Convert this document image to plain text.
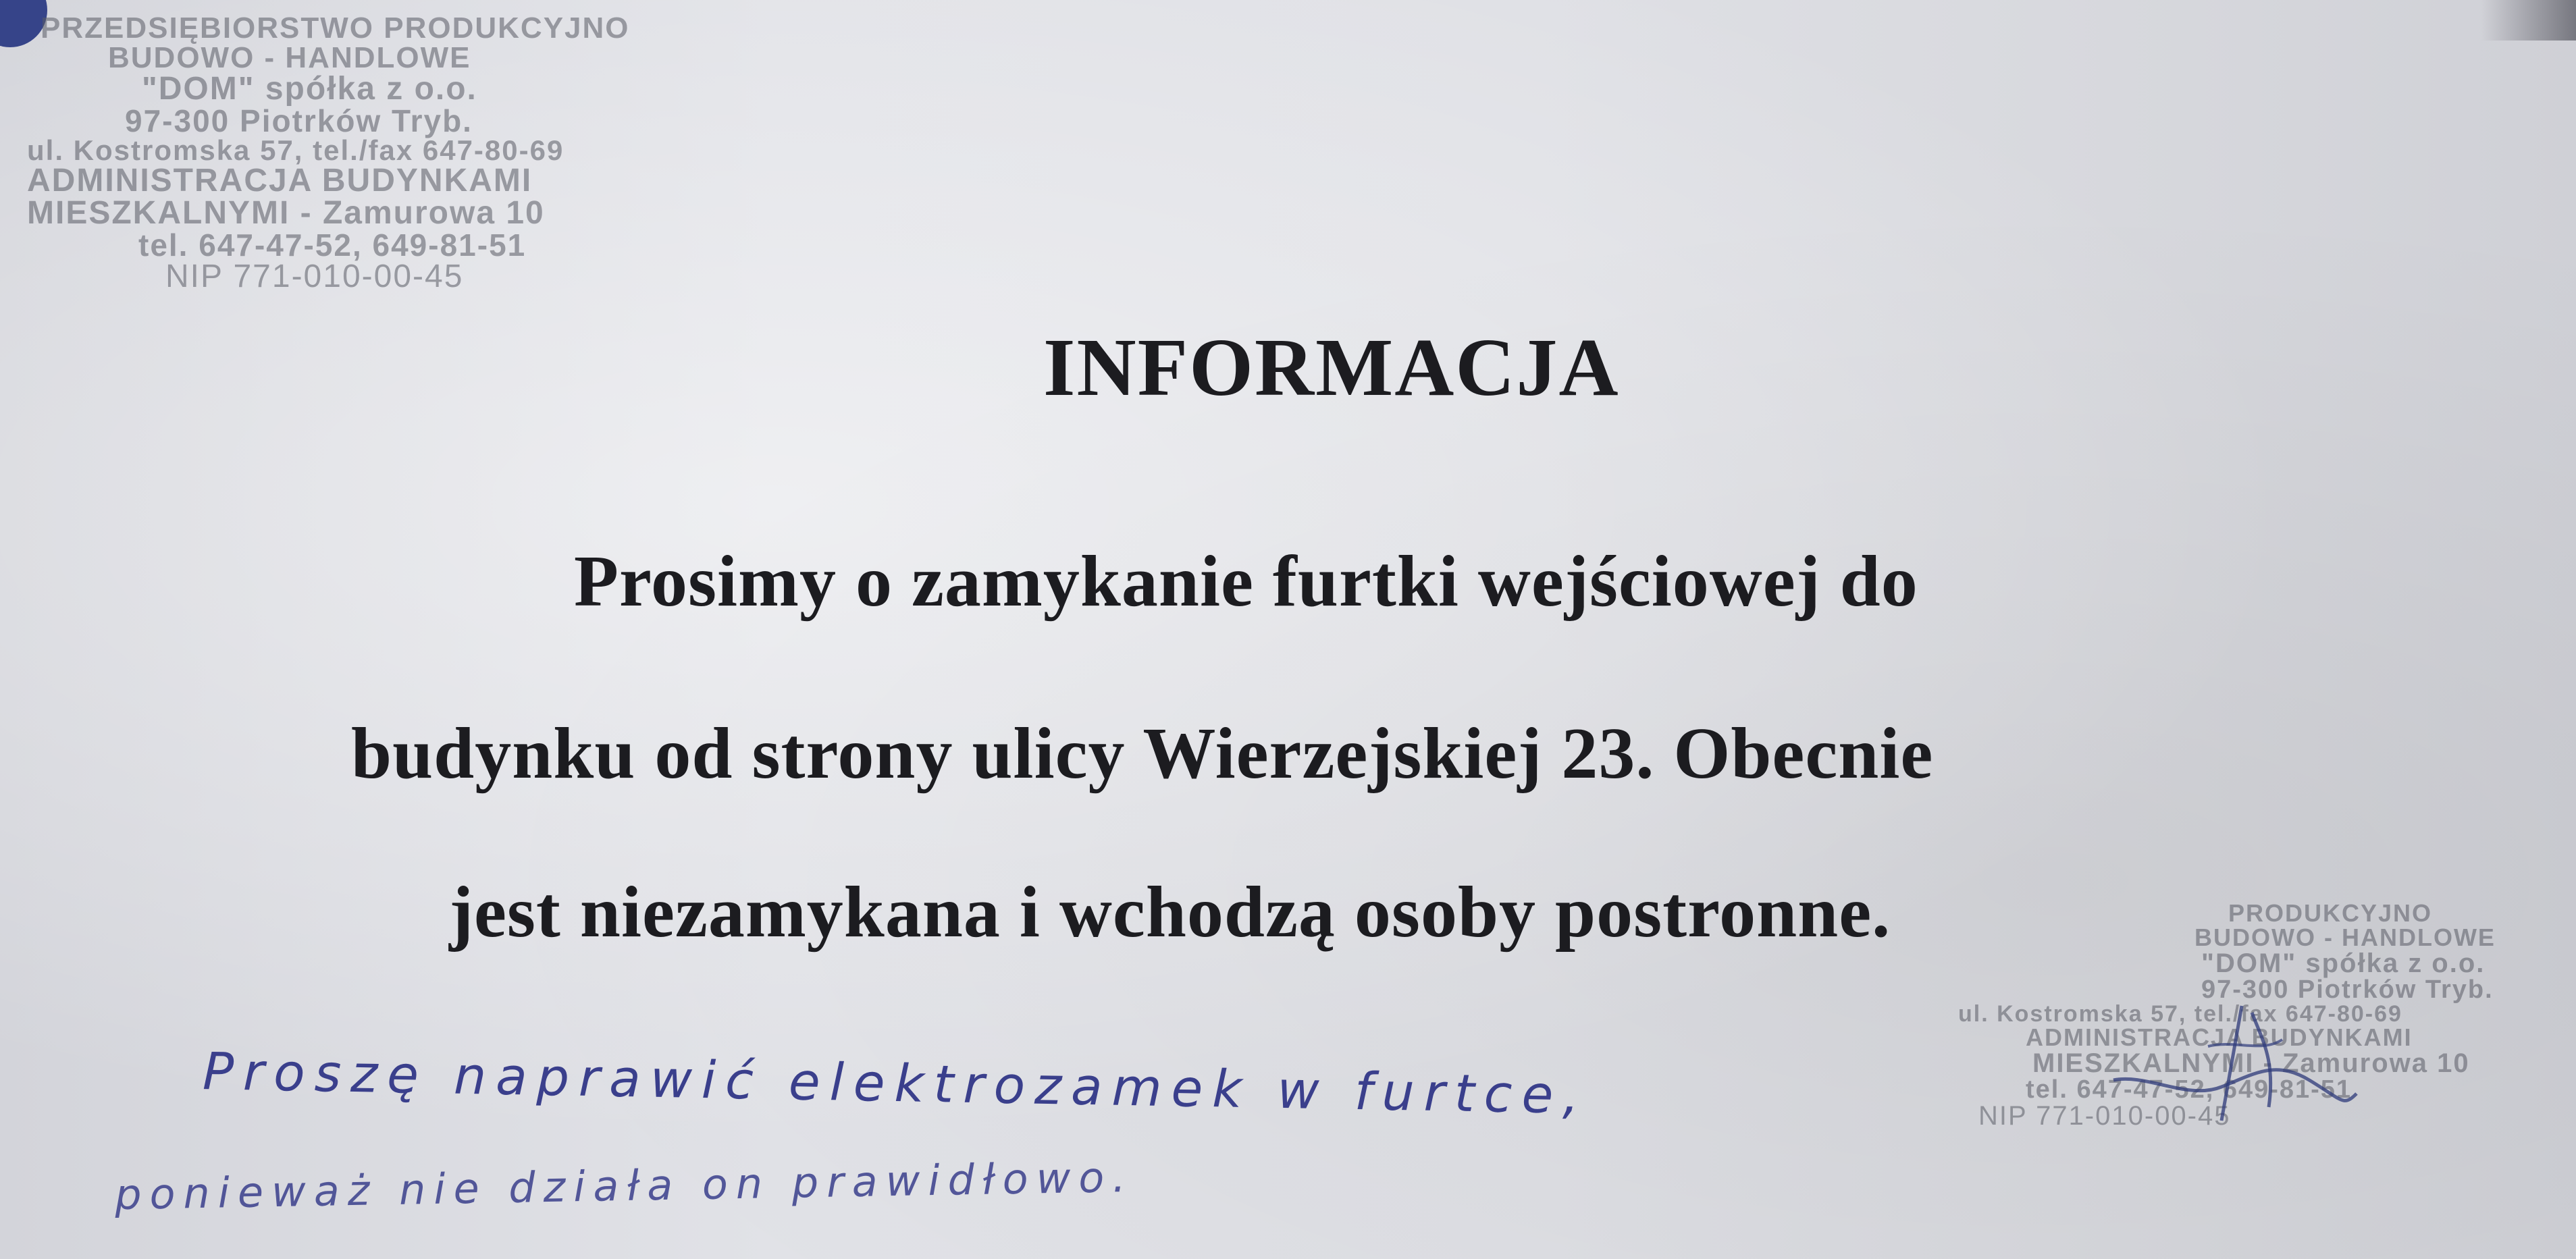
PRZEDSIĘBIORSTWO PRODUKCYJNO
BUDOWO - HANDLOWE
"DOM" spółka z o.o.
97-300 Piotrków Tryb.
ul. Kostromska 57, tel./fax 647-80-69
ADMINISTRACJA BUDYNKAMI
MIESZKALNYMI - Zamurowa 10
tel. 647-47-52, 649-81-51
NIP 771-010-00-45
INFORMACJA
Prosimy o zamykanie furtki wejściowej do
budynku od strony ulicy Wierzejskiej 23. Obecnie
jest niezamykana i wchodzą osoby postronne.	PRODUKCYJNO
BUDOWO - HANDLOWE
"DOM" spółka z o.o.
97-300 Piotrków Tryb.
ul. Kostromska 57, tel./fax 647-80-69
ADMINISTRACJA BUDYNKAMI
MIESZKALNYMI - Zamurowa 10
tel. 647-47-52, 649-81-51
NIP 771-010-00-45
Proszę naprawić elektrozamek w furtce,
ponieważ nie działa on prawidłowo.
